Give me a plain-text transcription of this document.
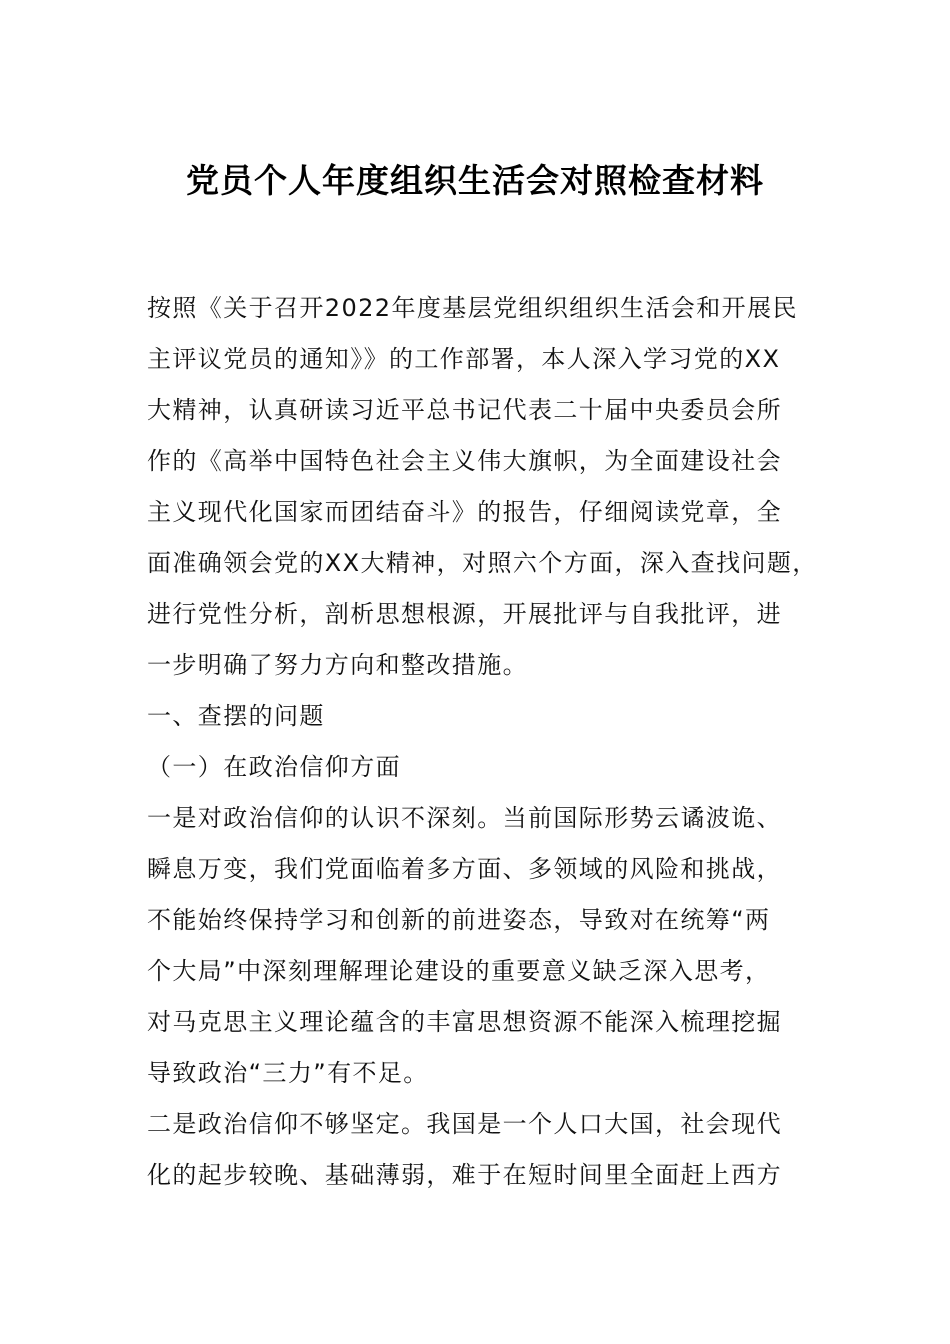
党员个人年度组织生活会对照检查材料
按照《关于召开2022年度基层党组织组织生活会和开展民
主评议党员的通知》》的工作部署，本人深入学习党的XX
大精神，认真研读习近平总书记代表二十届中央委员会所
作的《高举中国特色社会主义伟大旗帜，为全面建设社会
主义现代化国家而团结奋斗》的报告，仔细阅读党章，全
面准确领会党的XX大精神，对照六个方面，深入查找问题，
进行党性分析，剖析思想根源，开展批评与自我批评，进
一步明确了努力方向和整改措施。
一、查摆的问题
（一）在政治信仰方面
一是对政治信仰的认识不深刻。当前国际形势云谲波诡、
瞬息万变，我们党面临着多方面、多领域的风险和挑战，
不能始终保持学习和创新的前进姿态，导致对在统筹“两
个大局”中深刻理解理论建设的重要意义缺乏深入思考，
对马克思主义理论蕴含的丰富思想资源不能深入梳理挖掘
导致政治“三力”有不足。
二是政治信仰不够坚定。我国是一个人口大国，社会现代
化的起步较晚、基础薄弱，难于在短时间里全面赶上西方
